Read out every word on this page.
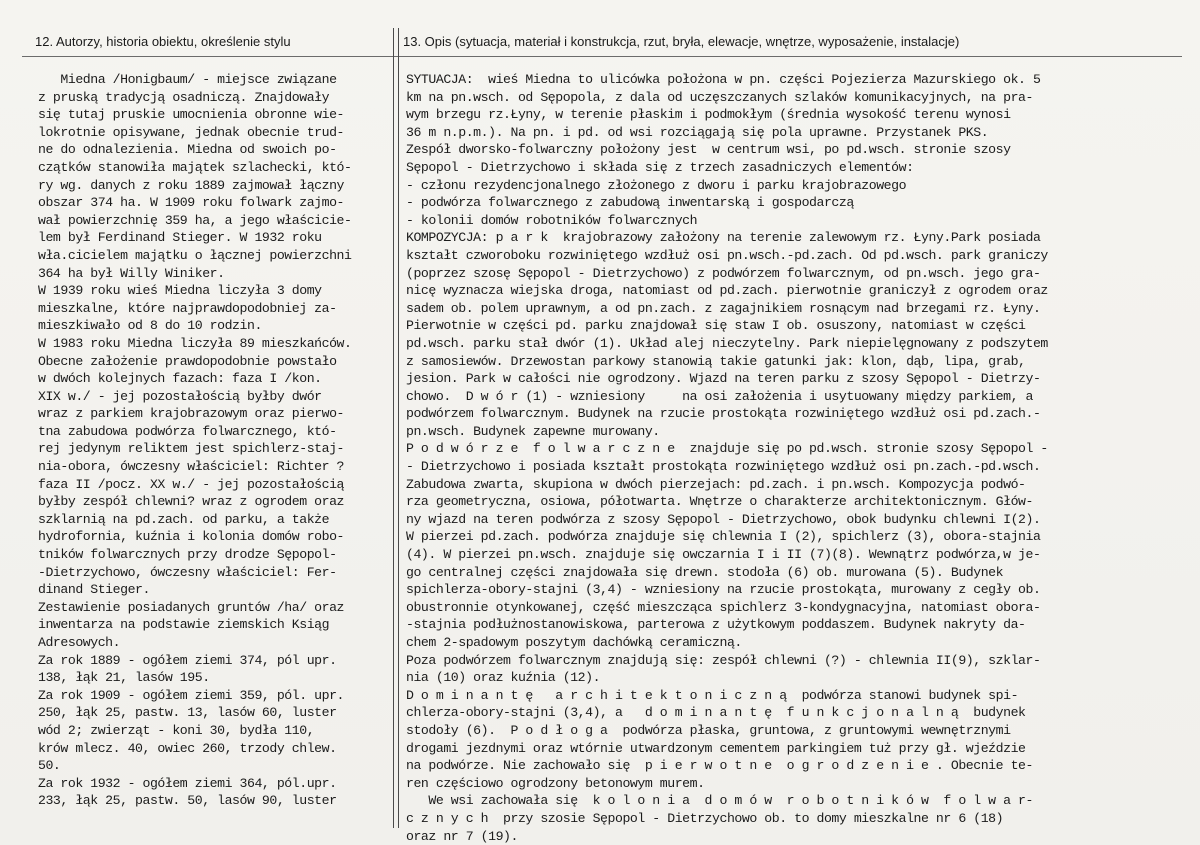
12. Autorzy, historia obiektu, określenie stylu
Miedna /Honigbaum/ - miejsce związane
z pruską tradycją osadniczą. Znajdowały
się tutaj pruskie umocnienia obronne wie-
lokrotnie opisywane, jednak obecnie trud-
ne do odnalezienia. Miedna od swoich po-
czątków stanowiła majątek szlachecki, któ-
ry wg. danych z roku 1889 zajmował łączny
obszar 374 ha. W 1909 roku folwark zajmo-
wał powierzchnię 359 ha, a jego właściciе-
lem był Ferdinand Stieger. W 1932 roku
wła.cicielem majątku o łącznej powierzchni
364 ha był Willy Winiker.
W 1939 roku wieś Miedna liczyła 3 domy
mieszkalne, które najprawdopodobniej za-
mieszkiwało od 8 do 10 rodzin.
W 1983 roku Miedna liczyła 89 mieszkańców.
Obecne założenie prawdopodobnie powstało
w dwóch kolejnych fazach: faza I /kon.
XIX w./ - jej pozostałością byłby dwór
wraz z parkiem krajobrazowym oraz pierwo-
tna zabudowa podwórza folwarcznego, któ-
rej jedynym reliktem jest spichlerz-staj-
nia-obora, ówczesny właściciel: Richter ?
faza II /pocz. XX w./ - jej pozostałością
byłby zespół chlewni? wraz z ogrodem oraz
szklarnią na pd.zach. od parku, a także
hydrofornia, kuźnia i kolonia domów robo-
tników folwarcznych przy drodze Sępopol-
-Dietrzychowo, ówczesny właściciel: Fer-
dinand Stieger.
Zestawienie posiadanych gruntów /ha/ oraz
inwentarza na podstawie ziemskich Ksiąg
Adresowych.
Za rok 1889 - ogółem ziemi 374, pól upr.
138, łąk 21, lasów 195.
Za rok 1909 - ogółem ziemi 359, pól. upr.
250, łąk 25, pastw. 13, lasów 60, luster
wód 2; zwierząt - koni 30, bydła 110,
krów mlecz. 40, owiec 260, trzody chlew.
50.
Za rok 1932 - ogółem ziemi 364, pól.upr.
233, łąk 25, pastw. 50, lasów 90, luster
13. Opis (sytuacja, materiał i konstrukcja, rzut, bryła, elewacje, wnętrze, wyposażenie, instalacje)
SYTUACJA:  wieś Miedna to ulicówka położona w pn. części Pojezierza Mazurskiego ok. 5
km na pn.wsch. od Sępopola, z dala od uczęszczanych szlaków komunikacyjnych, na pra-
wym brzegu rz.Łyny, w terenie płaskim i podmokłym (średnia wysokość terenu wynosi
36 m n.p.m.). Na pn. i pd. od wsi rozciągają się pola uprawne. Przystanek PKS.
Zespół dworsko-folwarczny położony jest  w centrum wsi, po pd.wsch. stronie szosy
Sępopol - Dietrzychowo i składa się z trzech zasadniczych elementów:
- członu rezydencjonalnego złożonego z dworu i parku krajobrazowego
- podwórza folwarcznego z zabudową inwentarską i gospodarczą
- kolonii domów robotników folwarcznych
KOMPOZYCJA: p a r k  krajobrazowy założony na terenie zalewowym rz. Łyny.Park posiada
kształt czworoboku rozwiniętego wzdłuż osi pn.wsch.-pd.zach. Od pd.wsch. park graniczy
(poprzez szosę Sępopol - Dietrzychowo) z podwórzem folwarcznym, od pn.wsch. jego gra-
nicę wyznacza wiejska droga, natomiast od pd.zach. pierwotnie graniczył z ogrodem oraz
sadem ob. polem uprawnym, a od pn.zach. z zagajnikiem rosnącym nad brzegami rz. Łyny.
Pierwotnie w części pd. parku znajdował się staw I ob. osuszony, natomiast w części
pd.wsch. parku stał dwór (1). Układ alej nieczytelny. Park niepielęgnowany z podszytem
z samosiewów. Drzewostan parkowy stanowią takie gatunki jak: klon, dąb, lipa, grab,
jesion. Park w całości nie ogrodzony. Wjazd na teren parku z szosy Sępopol - Dietrzy-
chowo.  D w ó r (1) - wzniesiony     na osi założenia i usytuowany między parkiem, a
podwórzem folwarcznym. Budynek na rzucie prostokąta rozwiniętego wzdłuż osi pd.zach.-
pn.wsch. Budynek zapewne murowany.
P o d w ó r z e  f o l w a r c z n e  znajduje się po pd.wsch. stronie szosy Sępopol -
- Dietrzychowo i posiada kształt prostokąta rozwiniętego wzdłuż osi pn.zach.-pd.wsch.
Zabudowa zwarta, skupiona w dwóch pierzejach: pd.zach. i pn.wsch. Kompozycja podwó-
rza geometryczna, osiowa, półotwarta. Wnętrze o charakterze architektonicznym. Głów-
ny wjazd na teren podwórza z szosy Sępopol - Dietrzychowo, obok budynku chlewni I(2).
W pierzei pd.zach. podwórza znajduje się chlewnia I (2), spichlerz (3), obora-stajnia
(4). W pierzei pn.wsch. znajduje się owczarnia I i II (7)(8). Wewnątrz podwórza,w je-
go centralnej części znajdowała się drewn. stodoła (6) ob. murowana (5). Budynek
spichlerza-obory-stajni (3,4) - wzniesiony na rzucie prostokąta, murowany z cegły ob.
obustronnie otynkowanej, część mieszcząca spichlerz 3-kondygnacyjna, natomiast obora-
-stajnia podłużnostanowiskowa, parterowa z użytkowym poddaszem. Budynek nakryty da-
chem 2-spadowym poszytym dachówką ceramiczną.
Poza podwórzem folwarcznym znajdują się: zespół chlewni (?) - chlewnia II(9), szklar-
nia (10) oraz kuźnia (12).
D o m i n a n t ę   a r c h i t e k t o n i c z n ą  podwórza stanowi budynek spi-
chlerza-obory-stajni (3,4), a   d o m i n a n t ę  f u n k c j o n a l n ą  budynek
stodoły (6).  P o d ł o g a  podwórza płaska, gruntowa, z gruntowymi wewnętrznymi
drogami jezdnymi oraz wtórnie utwardzonym cementem parkingiem tuż przy gł. wjeździe
na podwórze. Nie zachowało się  p i e r w o t n e  o g r o d z e n i e . Obecnie te-
ren częściowo ogrodzony betonowym murem.
We wsi zachowała się  k o l o n i a  d o m ó w  r o b o t n i k ó w  f o l w a r-
c z n y c h  przy szosie Sępopol - Dietrzychowo ob. to domy mieszkalne nr 6 (18)
oraz nr 7 (19).
